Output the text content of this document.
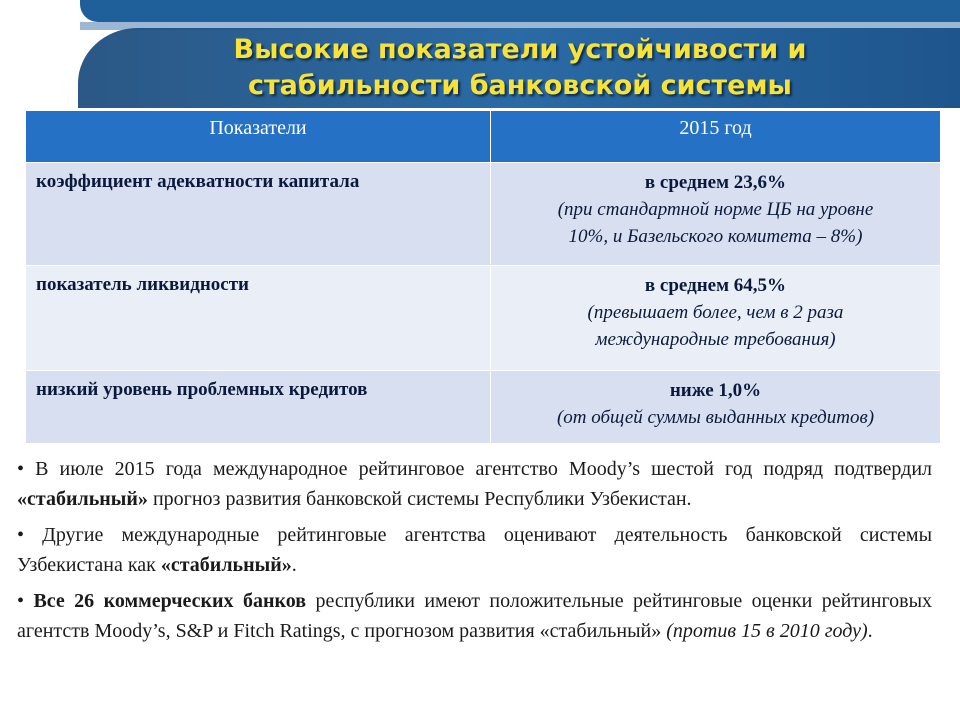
Высокие показатели устойчивости и
стабильности банковской системы
Показатели	2015 год
коэффициент адекватности капитала	в среднем 23,6%
(при стандартной норме ЦБ на уровне
10%, и Базельского комитета – 8%)

показатель ликвидности	в среднем 64,5%
(превышает более, чем в 2 раза
международные требования)

низкий уровень проблемных кредитов	ниже 1,0%
(от общей суммы выданных кредитов)

• В июле 2015 года международное рейтинговое агентство Moody’s шестой год подряд подтвердил «стабильный» прогноз развития банковской системы Республики Узбекистан.

• Другие международные рейтинговые агентства оценивают деятельность банковской системы Узбекистана как «стабильный».

• Все 26 коммерческих банков республики имеют положительные рейтинговые оценки рейтинговых агентств Moody’s, S&P и Fitch Ratings, с прогнозом развития «стабильный» (против 15 в 2010 году).
